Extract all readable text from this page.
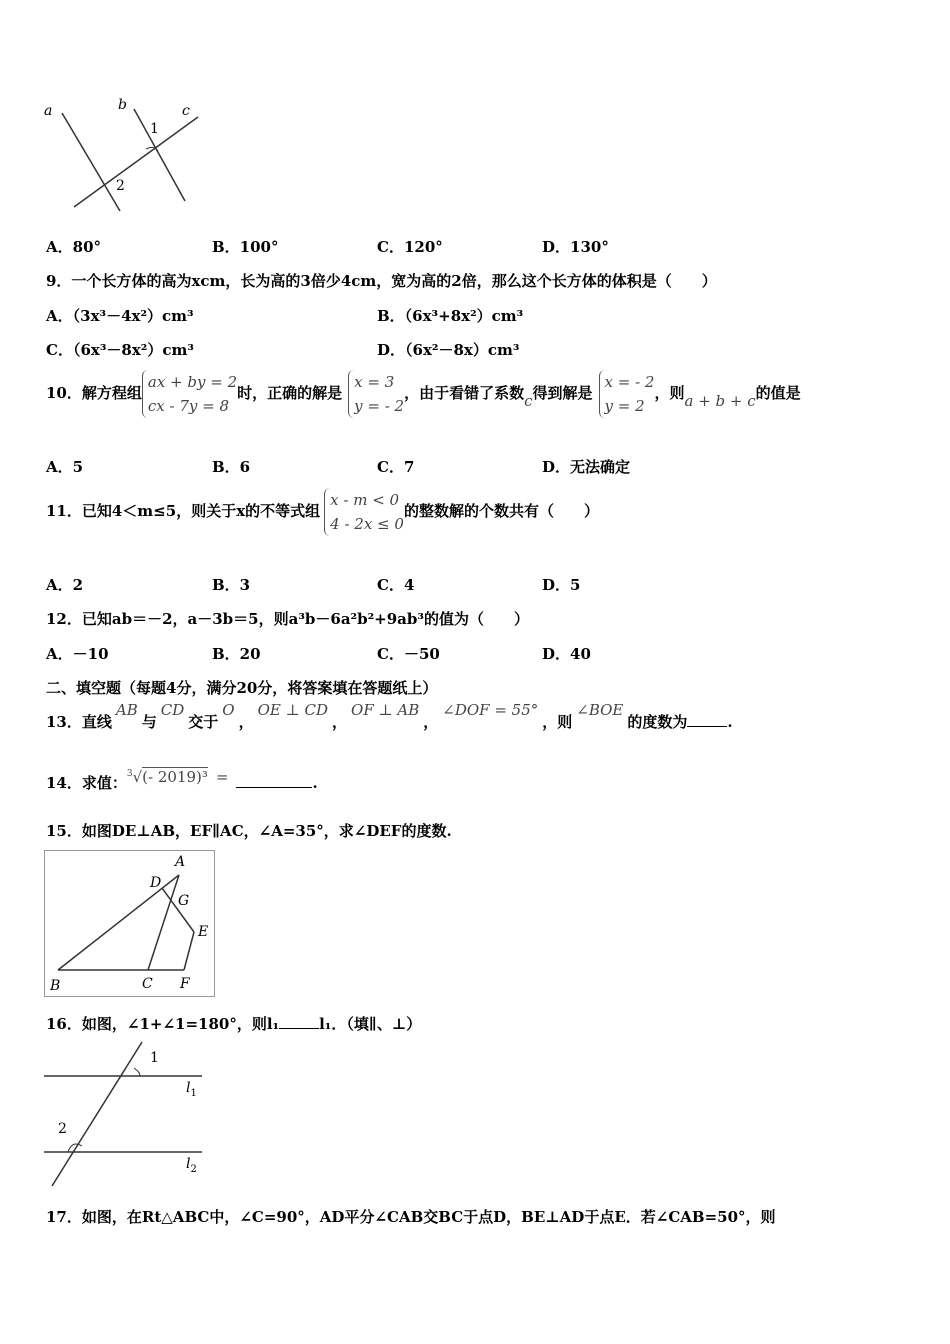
a	b	c
1
2
A．80°	B．100°	C．120°	D．130°
9．一个长方体的高为xcm，长为高的3倍少4cm，宽为高的2倍，那么这个长方体的体积是（　　）
A．（3x³－4x²）cm³	B．（6x³+8x²）cm³
C．（6x³－8x²）cm³	D．（6x²－8x）cm³
10．解方程组ax + by = 2
cx - 7y = 8时，正确的解是x = 3
y = - 2，由于看错了系数c得到解是x = - 2
y = 2，则a + b + c的值是
A．5	B．6	C．7	D．无法确定
11．已知4＜m≤5，则关于x的不等式组x - m < 0
4 - 2x ≤ 0的整数解的个数共有（　　）
A．2	B．3	C．4	D．5
12．已知ab＝－2，a－3b＝5，则a³b－6a²b²+9ab³的值为（　　）
A．－10	B．20	C．－50	D．40
二、填空题（每题4分，满分20分，将答案填在答题纸上）
13．直线AB与CD交于O，OE ⊥ CD，OF ⊥ AB，∠DOF = 55°，则∠BOE的度数为	.
14．求值：$^3$√(- 2019)³ =	.
15．如图DE⊥AB，EF∥AC，∠A=35°，求∠DEF的度数.
A
D
G
E
B	C F
16．如图，∠1+∠1=180°，则l₁	l₁．（填∥、⊥）
1
2
$l_1$
$l_2$
17．如图，在Rt△ABC中，∠C=90°，AD平分∠CAB交BC于点D，BE⊥AD于点E．若∠CAB=50°，则
